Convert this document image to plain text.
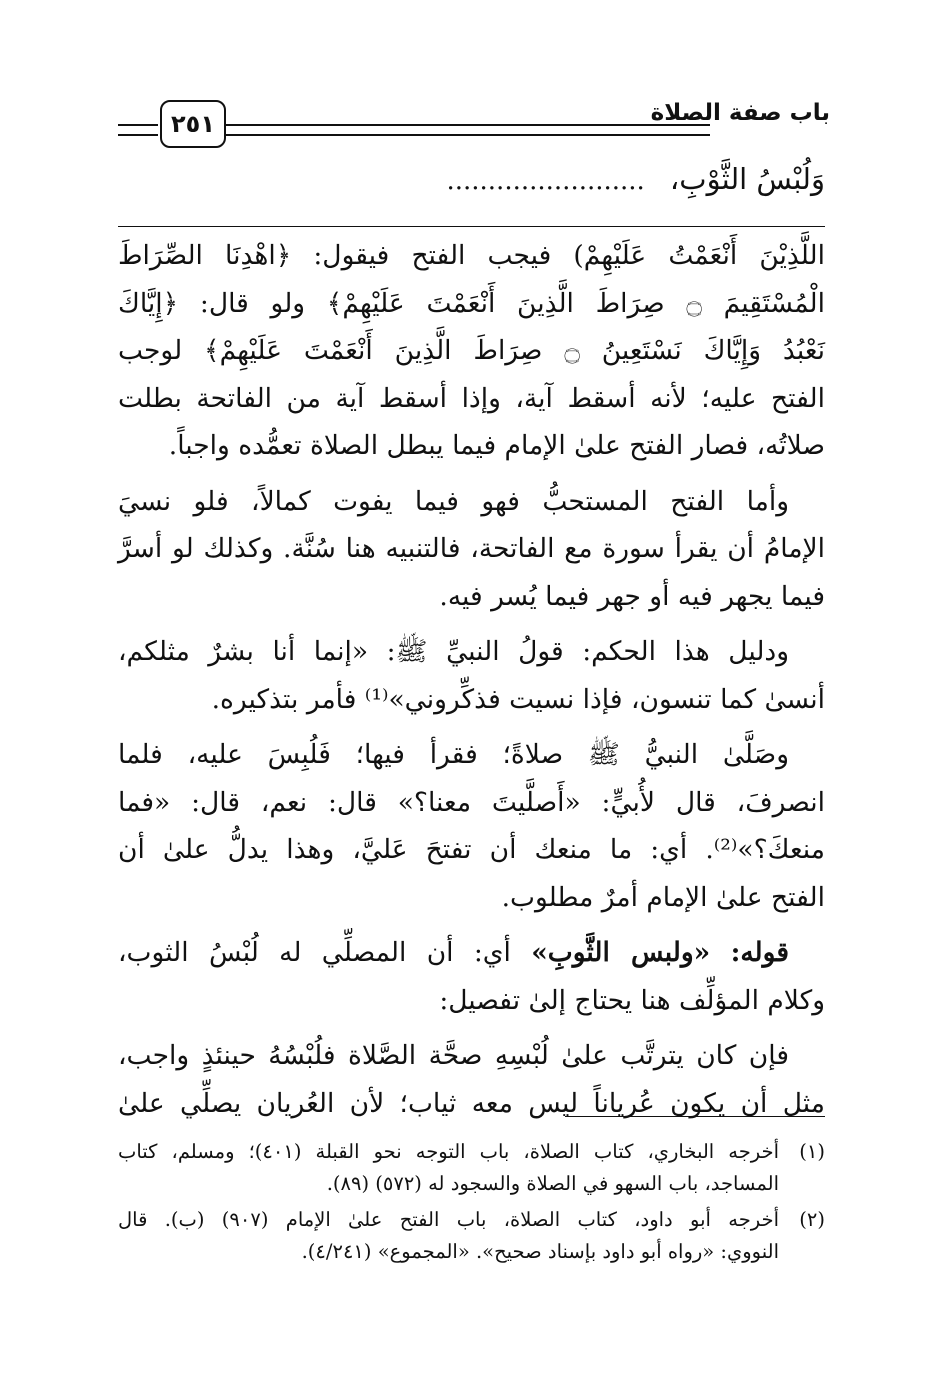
باب صفة الصلاة
٢٥١
وَلُبْسُ الثَّوْبِ، ........................
اللَّذِيْنَ أَنْعَمْتُ عَلَيْهِمْ) فيجب الفتح فيقول: ﴿اهْدِنَا الصِّرَاطَ
الْمُسْتَقِيمَ ۝ صِرَاطَ الَّذِينَ أَنْعَمْتَ عَلَيْهِمْ﴾ ولو قال: ﴿إِيَّاكَ
نَعْبُدُ وَإِيَّاكَ نَسْتَعِينُ ۝ صِرَاطَ الَّذِينَ أَنْعَمْتَ عَلَيْهِمْ﴾ لوجب
الفتح عليه؛ لأنه أسقط آية، وإذا أسقط آية من الفاتحة بطلت
صلاتُه، فصار الفتح علىٰ الإمام فيما يبطل الصلاة تعمُّده واجباً.
وأما الفتح المستحبُّ فهو فيما يفوت كمالاً، فلو نسيَ
الإمامُ أن يقرأ سورة مع الفاتحة، فالتنبيه هنا سُنَّة. وكذلك لو أسرَّ
فيما يجهر فيه أو جهر فيما يُسر فيه.
ودليل هذا الحكم: قولُ النبيِّ ﷺ: «إنما أنا بشرٌ مثلكم،
أنسىٰ كما تنسون، فإذا نسيت فذكِّروني»⁽¹⁾ فأمر بتذكيره.
وصَلَّىٰ النبيُّ ﷺ صلاةً؛ فقرأ فيها؛ فَلُبِسَ عليه، فلما
انصرفَ، قال لأُبيٍّ: «أَصلَّيتَ معنا؟» قال: نعم، قال: «فما
منعكَ؟»⁽²⁾. أي: ما منعك أن تفتحَ عَليَّ، وهذا يدلُّ علىٰ أن
الفتح علىٰ الإمام أمرٌ مطلوب.
قوله: «ولبس الثَّوبِ» أي: أن المصلِّي له لُبْسُ الثوب،
وكلام المؤلِّف هنا يحتاج إلىٰ تفصيل:
فإن كان يترتَّب علىٰ لُبْسِهِ صحَّة الصَّلاة فلُبْسُهُ حينئذٍ واجب،
مثل أن يكون عُرياناً ليس معه ثياب؛ لأن العُريان يصلِّي علىٰ
(١)
أخرجه البخاري، كتاب الصلاة، باب التوجه نحو القبلة (٤٠١)؛ ومسلم، كتاب
المساجد، باب السهو في الصلاة والسجود له (٥٧٢) (٨٩).
(٢)
أخرجه أبو داود، كتاب الصلاة، باب الفتح علىٰ الإمام (٩٠٧) (ب). قال
النووي: «رواه أبو داود بإسناد صحيح». «المجموع» (٤/٢٤١).
